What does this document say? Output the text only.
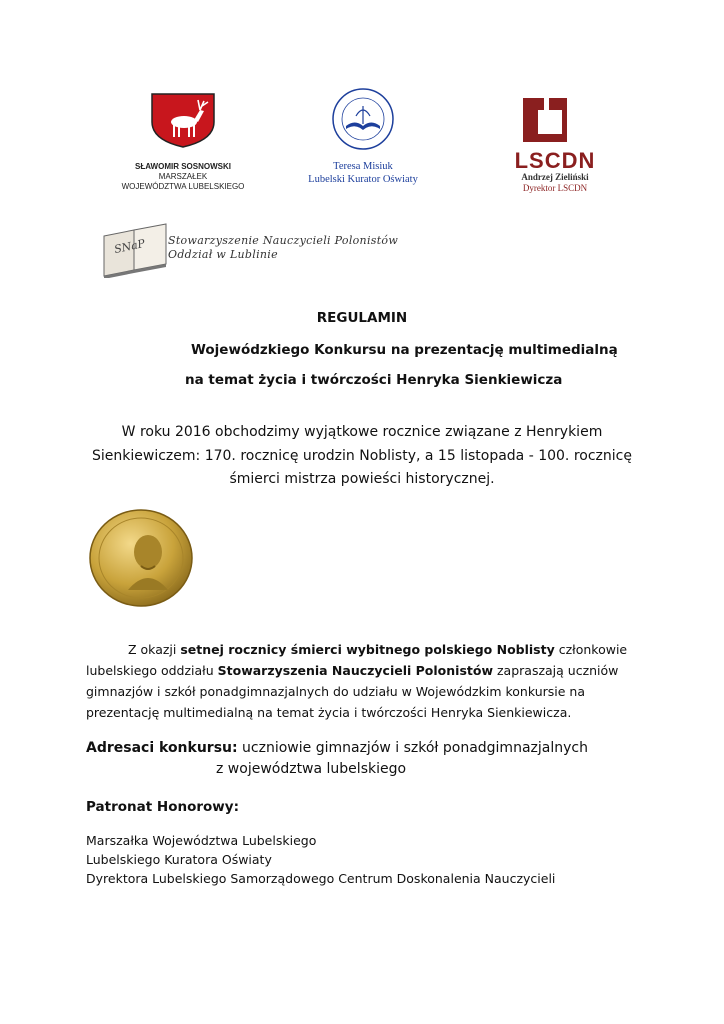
SŁAWOMIR SOSNOWSKI
MARSZAŁEK
WOJEWÓDZTWA LUBELSKIEGO
Teresa Misiuk
Lubelski Kurator Oświaty
LSCDN
Andrzej Zieliński
Dyrektor LSCDN
SNaP Stowarzyszenie Nauczycieli Polonistów
Oddział w Lublinie
REGULAMIN
Wojewódzkiego Konkursu na prezentację multimedialną
na temat życia i twórczości Henryka Sienkiewicza
W roku 2016 obchodzimy wyjątkowe rocznice związane z Henrykiem
Sienkiewiczem: 170. rocznicę urodzin Noblisty, a 15 listopada - 100. rocznicę
śmierci mistrza powieści historycznej.
Z okazji setnej rocznicy śmierci wybitnego polskiego Noblisty członkowie
lubelskiego oddziału Stowarzyszenia Nauczycieli Polonistów zapraszają uczniów
gimnazjów i szkół ponadgimnazjalnych do udziału w Wojewódzkim konkursie na
prezentację multimedialną na temat życia i twórczości Henryka Sienkiewicza.
Adresaci konkursu: uczniowie gimnazjów i szkół ponadgimnazjalnych
z województwa lubelskiego
Patronat Honorowy:
Marszałka Województwa Lubelskiego
Lubelskiego Kuratora Oświaty
Dyrektora Lubelskiego Samorządowego Centrum Doskonalenia Nauczycieli
